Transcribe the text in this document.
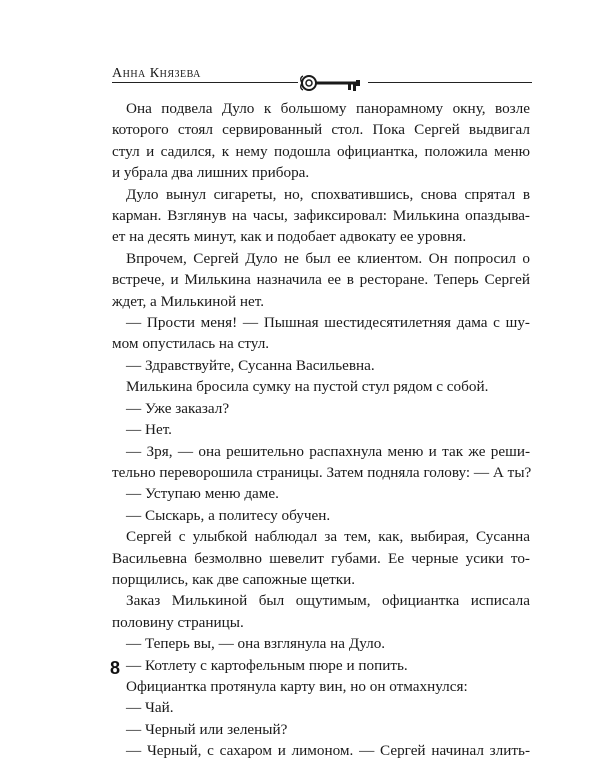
Анна Князева
Она подвела Дуло к большому панорамному окну, возле
которого стоял сервированный стол. Пока Сергей выдвигал
стул и садился, к нему подошла официантка, положила меню
и убрала два лишних прибора.
Дуло вынул сигареты, но, спохватившись, снова спрятал в
карман. Взглянув на часы, зафиксировал: Милькина опаздыва-
ет на десять минут, как и подобает адвокату ее уровня.
Впрочем, Сергей Дуло не был ее клиентом. Он попросил о
встрече, и Милькина назначила ее в ресторане. Теперь Сергей
ждет, а Милькиной нет.
— Прости меня! — Пышная шестидесятилетняя дама с шу-
мом опустилась на стул.
— Здравствуйте, Сусанна Васильевна.
Милькина бросила сумку на пустой стул рядом с собой.
— Уже заказал?
— Нет.
— Зря, — она решительно распахнула меню и так же реши-
тельно переворошила страницы. Затем подняла голову: — А ты?
— Уступаю меню даме.
— Сыскарь, а политесу обучен.
Сергей с улыбкой наблюдал за тем, как, выбирая, Сусанна
Васильевна безмолвно шевелит губами. Ее черные усики то-
порщились, как две сапожные щетки.
Заказ Милькиной был ощутимым, официантка исписала
половину страницы.
— Теперь вы, — она взглянула на Дуло.
— Котлету с картофельным пюре и попить.
Официантка протянула карту вин, но он отмахнулся:
— Чай.
— Черный или зеленый?
— Черный, с сахаром и лимоном. — Сергей начинал злить-
8
